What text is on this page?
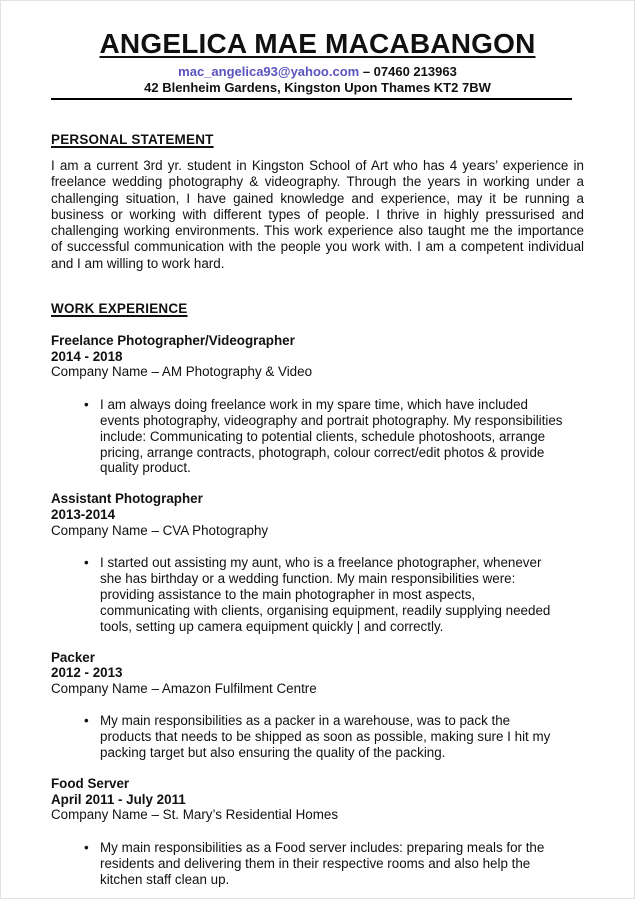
ANGELICA MAE MACABANGON
mac_angelica93@yahoo.com – 07460 213963
42 Blenheim Gardens, Kingston Upon Thames KT2 7BW
PERSONAL STATEMENT
I am a current 3rd yr. student in Kingston School of Art who has 4 years’ experience in freelance wedding photography & videography. Through the years in working under a challenging situation, I have gained knowledge and experience, may it be running a business or working with different types of people. I thrive in highly pressurised and challenging working environments. This work experience also taught me the importance of successful communication with the people you work with. I am a competent individual and I am willing to work hard.
WORK EXPERIENCE
Freelance Photographer/Videographer
2014 - 2018
Company Name – AM Photography & Video
• I am always doing freelance work in my spare time, which have included events photography, videography and portrait photography. My responsibilities include: Communicating to potential clients, schedule photoshoots, arrange pricing, arrange contracts, photograph, colour correct/edit photos & provide quality product.
Assistant Photographer
2013-2014
Company Name – CVA Photography
• I started out assisting my aunt, who is a freelance photographer, whenever she has birthday or a wedding function. My main responsibilities were: providing assistance to the main photographer in most aspects, communicating with clients, organising equipment, readily supplying needed tools, setting up camera equipment quickly | and correctly.
Packer
2012 - 2013
Company Name – Amazon Fulfilment Centre
• My main responsibilities as a packer in a warehouse, was to pack the products that needs to be shipped as soon as possible, making sure I hit my packing target but also ensuring the quality of the packing.
Food Server
April 2011 - July 2011
Company Name – St. Mary’s Residential Homes
• My main responsibilities as a Food server includes: preparing meals for the residents and delivering them in their respective rooms and also help the kitchen staff clean up.
